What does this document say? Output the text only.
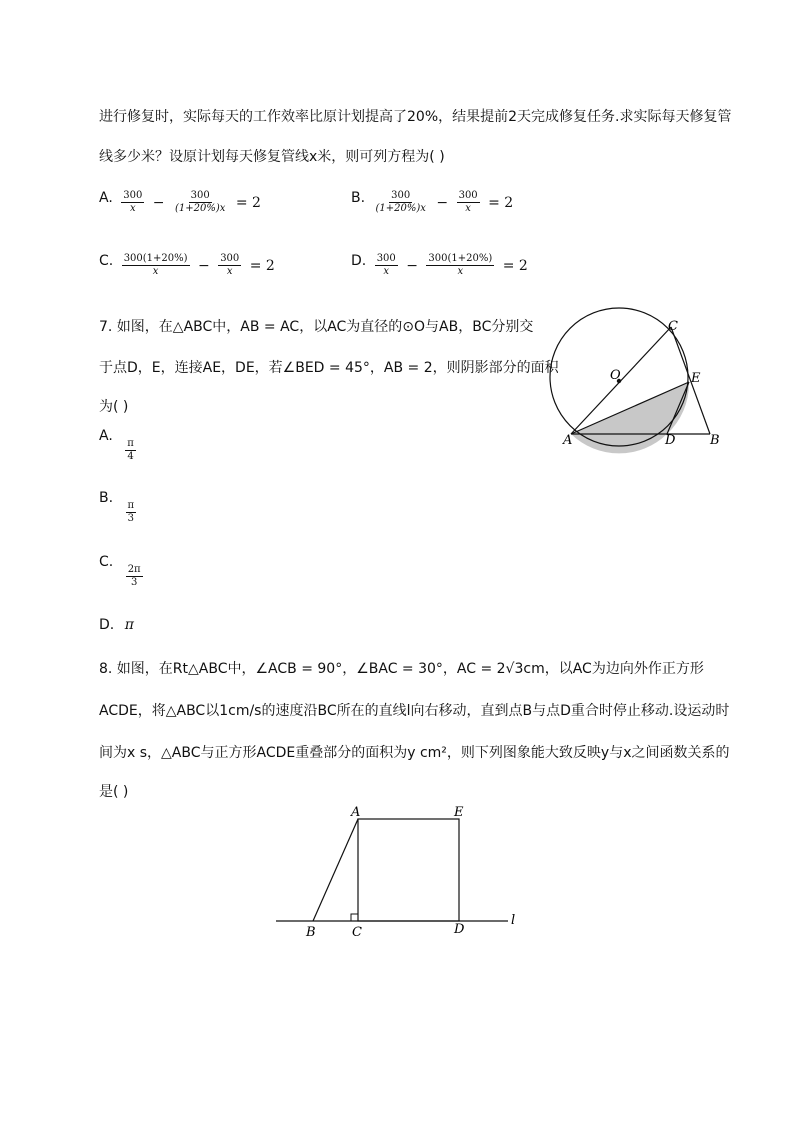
进行修复时，实际每天的工作效率比原计划提高了20%，结果提前2天完成修复任务.求实际每天修复管
线多少米？设原计划每天修复管线x米，则可列方程为( )
A. $\frac{300}{x} - \frac{300}{(1+20\%)x} = 2$	B. $\frac{300}{(1+20\%)x} - \frac{300}{x} = 2$
C. $\frac{300(1+20\%)}{x} - \frac{300}{x} = 2$	D. $\frac{300}{x} - \frac{300(1+20\%)}{x} = 2$
7. 如图，在△ABC中，AB = AC，以AC为直径的⊙O与AB，BC分别交
于点D，E，连接AE，DE，若∠BED = 45°，AB = 2，则阴影部分的面积
为( )
A.
$\frac{\pi}{4}$
B.
$\frac{\pi}{3}$
C.
$\frac{2\pi}{3}$
D. π
A	B
C
D
E
O
8. 如图，在Rt△ABC中，∠ACB = 90°，∠BAC = 30°，AC = 2√3cm，以AC为边向外作正方形
ACDE，将△ABC以1cm/s的速度沿BC所在的直线l向右移动，直到点B与点D重合时停止移动.设运动时
间为x s，△ABC与正方形ACDE重叠部分的面积为y cm²，则下列图象能大致反映y与x之间函数关系的
是( )
A	E
B	C	D
l
